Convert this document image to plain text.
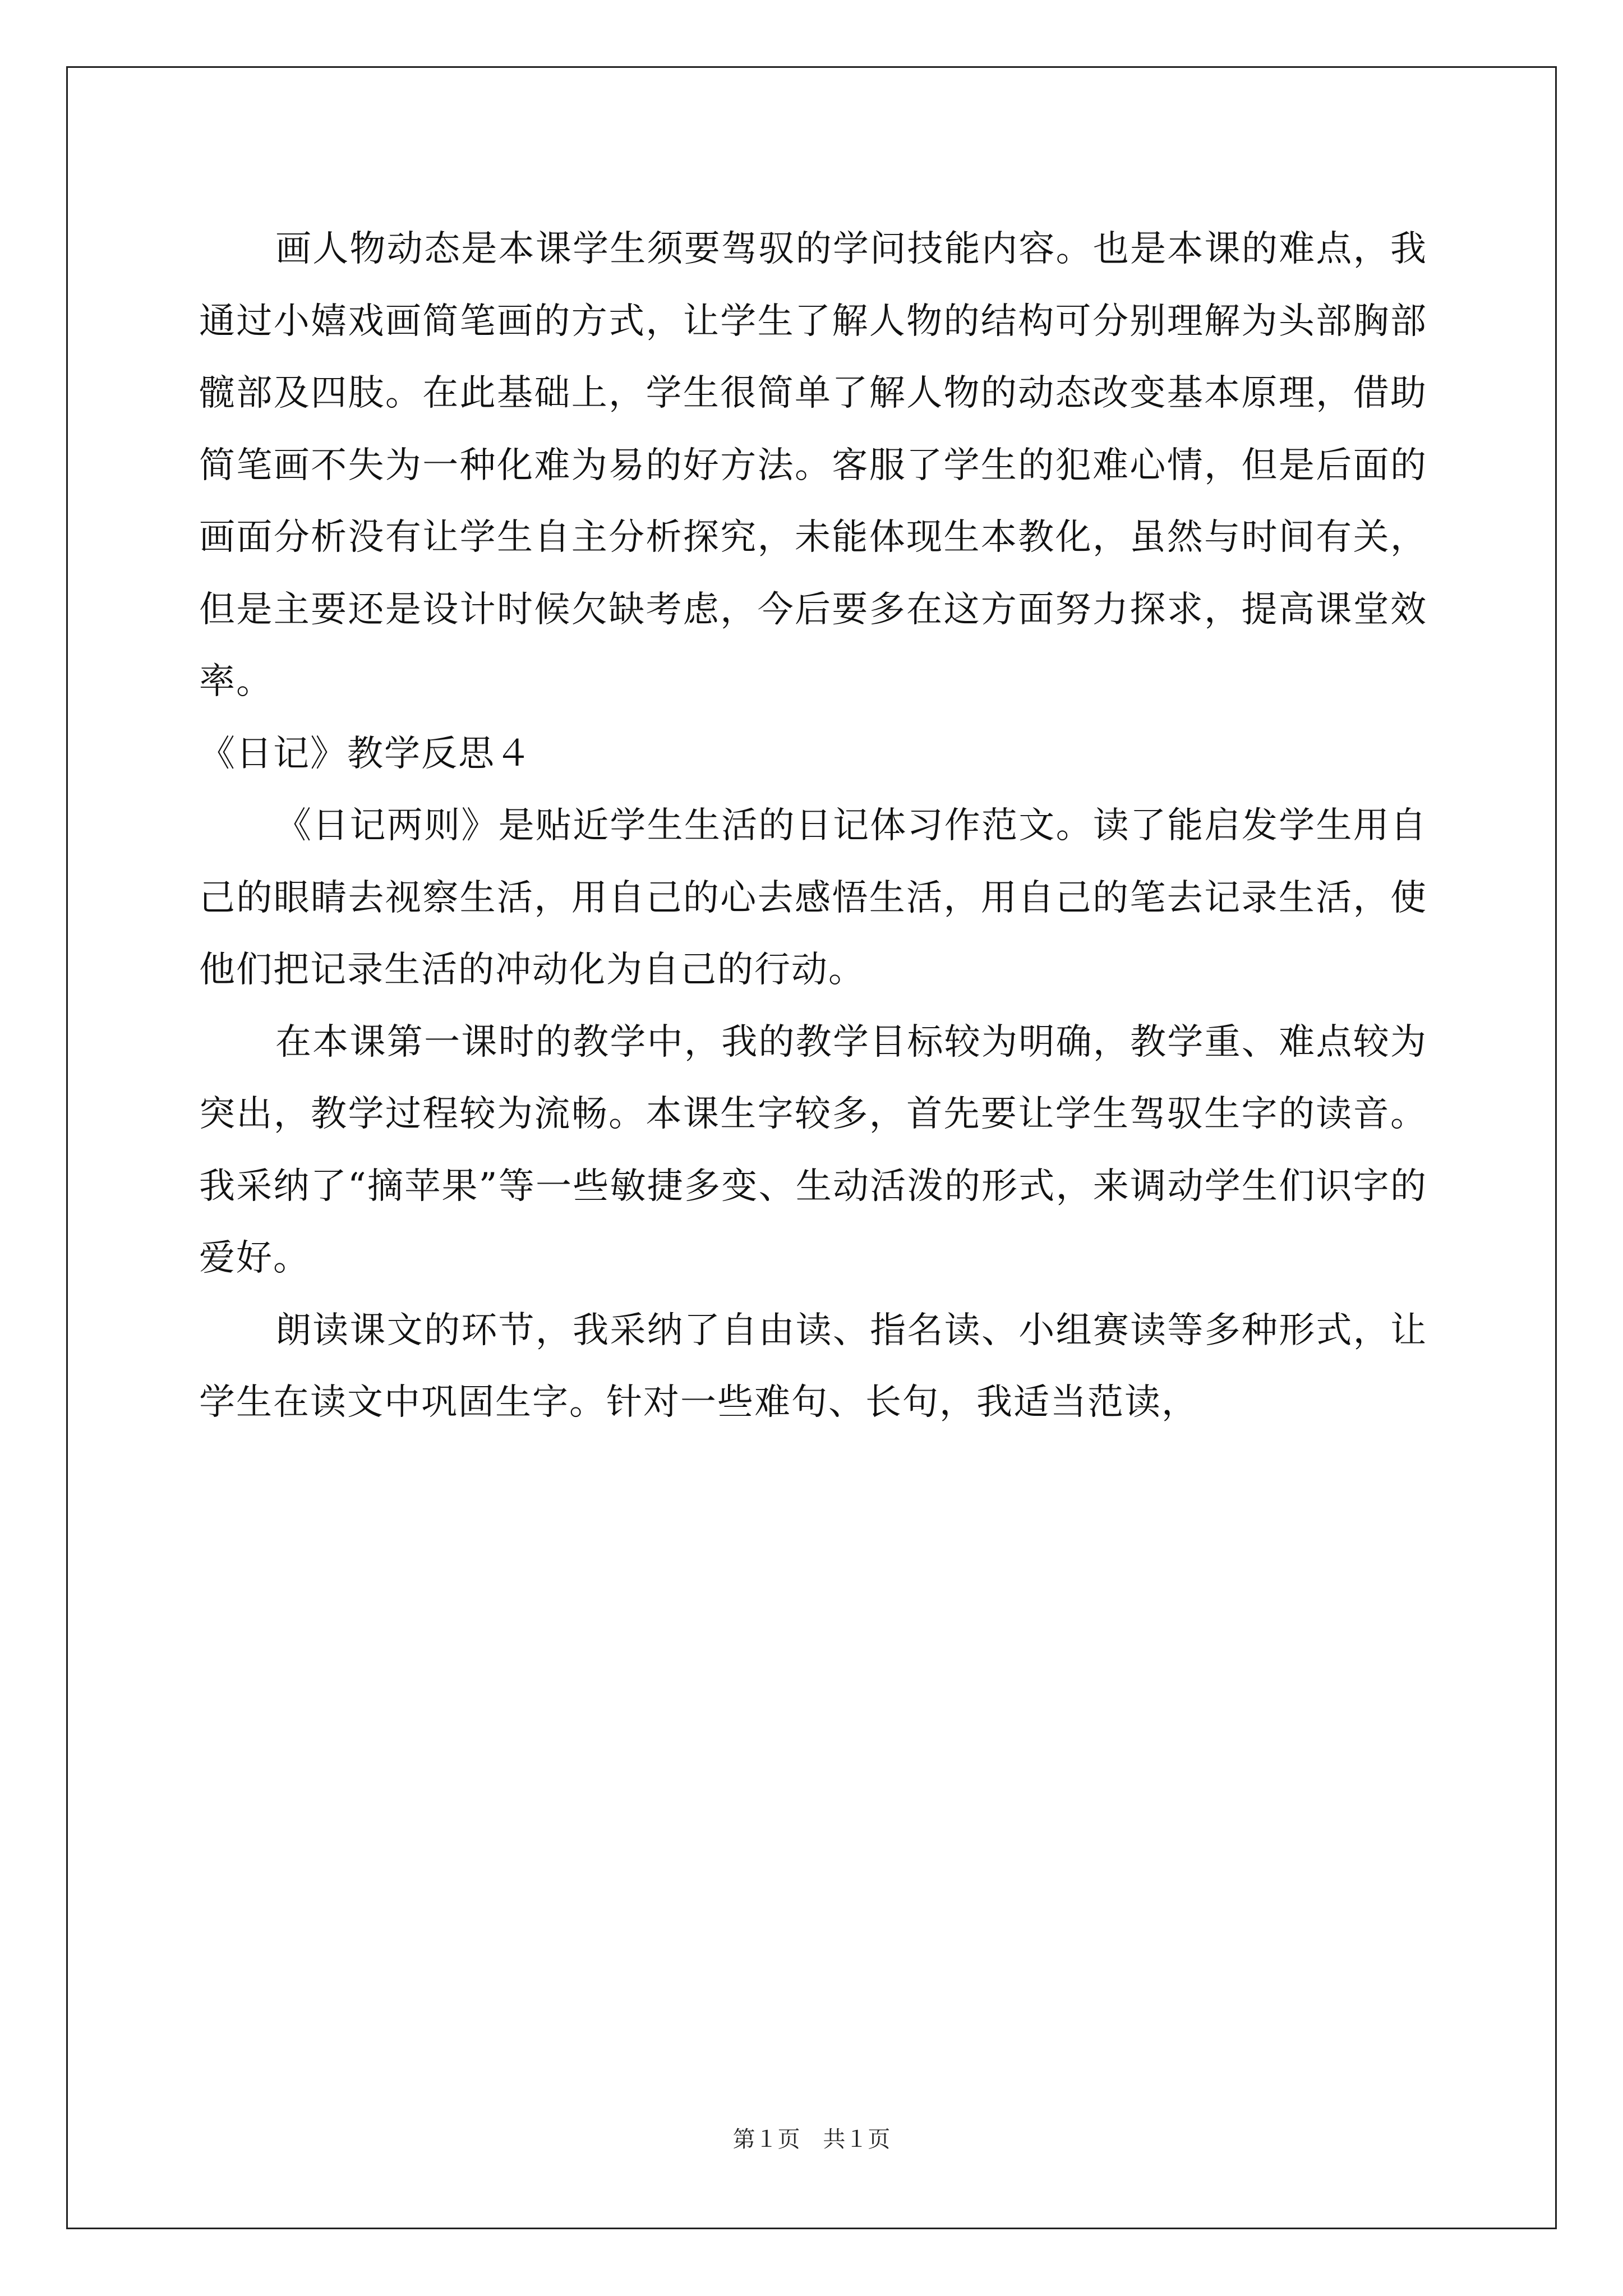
画人物动态是本课学生须要驾驭的学问技能内容。也是本课的难点，我通过小嬉戏画简笔画的方式，让学生了解人物的结构可分别理解为头部胸部髋部及四肢。在此基础上，学生很简单了解人物的动态改变基本原理，借助简笔画不失为一种化难为易的好方法。客服了学生的犯难心情，但是后面的画面分析没有让学生自主分析探究，未能体现生本教化，虽然与时间有关，但是主要还是设计时候欠缺考虑，今后要多在这方面努力探求，提高课堂效率。

《日记》教学反思４

《日记两则》是贴近学生生活的日记体习作范文。读了能启发学生用自己的眼睛去视察生活，用自己的心去感悟生活，用自己的笔去记录生活，使他们把记录生活的冲动化为自己的行动。

在本课第一课时的教学中，我的教学目标较为明确，教学重、难点较为突出，教学过程较为流畅。本课生字较多，首先要让学生驾驭生字的读音。我采纳了“摘苹果”等一些敏捷多变、生动活泼的形式，来调动学生们识字的爱好。

朗读课文的环节，我采纳了自由读、指名读、小组赛读等多种形式，让学生在读文中巩固生字。针对一些难句、长句，我适当范读，

第１页 共１页
